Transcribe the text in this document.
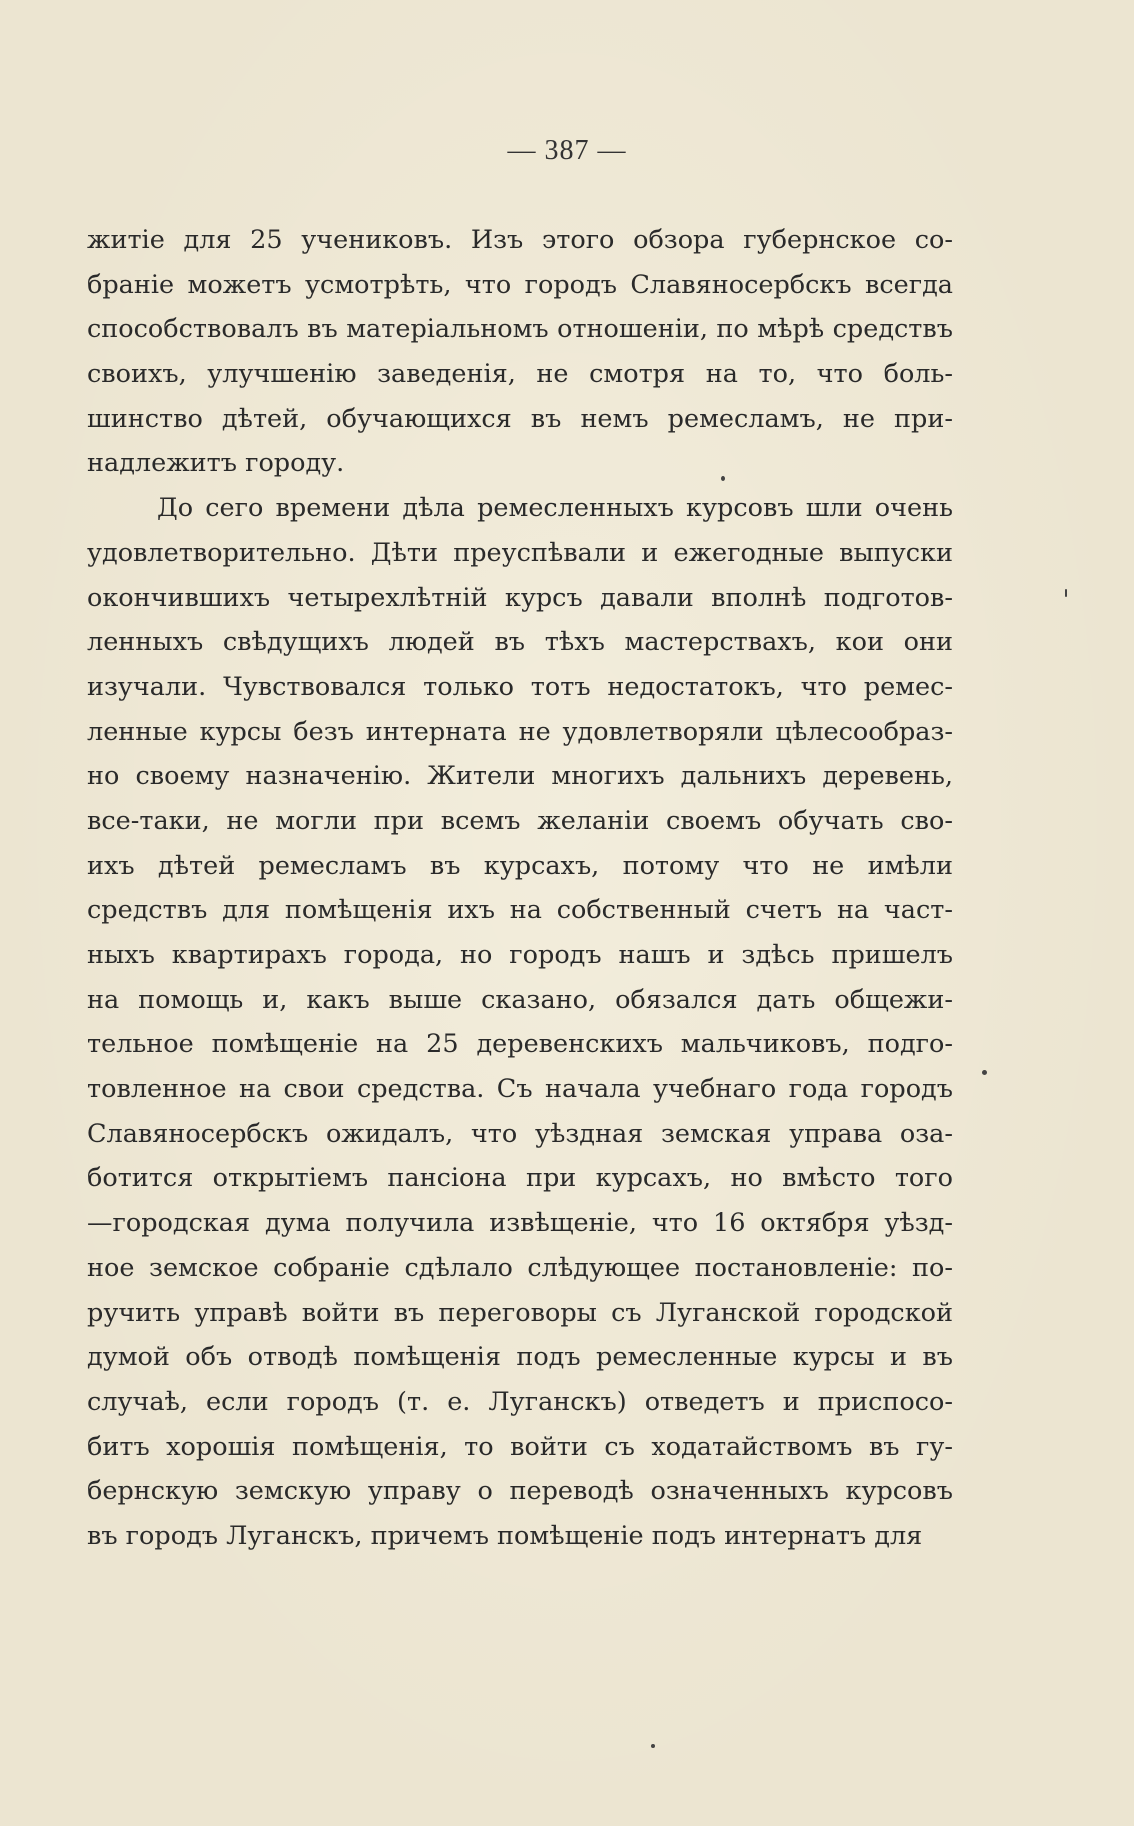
— 387 —
житіе для 25 учениковъ. Изъ этого обзора губернское со-
браніе можетъ усмотрѣть, что городъ Славяносербскъ всегда
способствовалъ въ матеріальномъ отношеніи, по мѣрѣ средствъ
своихъ, улучшенію заведенія, не смотря на то, что боль-
шинство дѣтей, обучающихся въ немъ ремесламъ, не при-
надлежитъ городу.
До сего времени дѣла ремесленныхъ курсовъ шли очень
удовлетворительно. Дѣти преуспѣвали и ежегодные выпуски
окончившихъ четырехлѣтній курсъ давали вполнѣ подготов-
ленныхъ свѣдущихъ людей въ тѣхъ мастерствахъ, кои они
изучали. Чувствовался только тотъ недостатокъ, что ремес-
ленные курсы безъ интерната не удовлетворяли цѣлесообраз-
но своему назначенію. Жители многихъ дальнихъ деревень,
все-таки, не могли при всемъ желаніи своемъ обучать сво-
ихъ дѣтей ремесламъ въ курсахъ, потому что не имѣли
средствъ для помѣщенія ихъ на собственный счетъ на част-
ныхъ квартирахъ города, но городъ нашъ и здѣсь пришелъ
на помощь и, какъ выше сказано, обязался дать общежи-
тельное помѣщеніе на 25 деревенскихъ мальчиковъ, подго-
товленное на свои средства. Съ начала учебнаго года городъ
Славяносербскъ ожидалъ, что уѣздная земская управа оза-
ботится открытіемъ пансіона при курсахъ, но вмѣсто того
—городская дума получила извѣщеніе, что 16 октября уѣзд-
ное земское собраніе сдѣлало слѣдующее постановленіе: по-
ручить управѣ войти въ переговоры съ Луганской городской
думой объ отводѣ помѣщенія подъ ремесленные курсы и въ
случаѣ, если городъ (т. е. Луганскъ) отведетъ и приспосо-
битъ хорошія помѣщенія, то войти съ ходатайствомъ въ гу-
бернскую земскую управу о переводѣ означенныхъ курсовъ
въ городъ Луганскъ, причемъ помѣщеніе подъ интернатъ для
